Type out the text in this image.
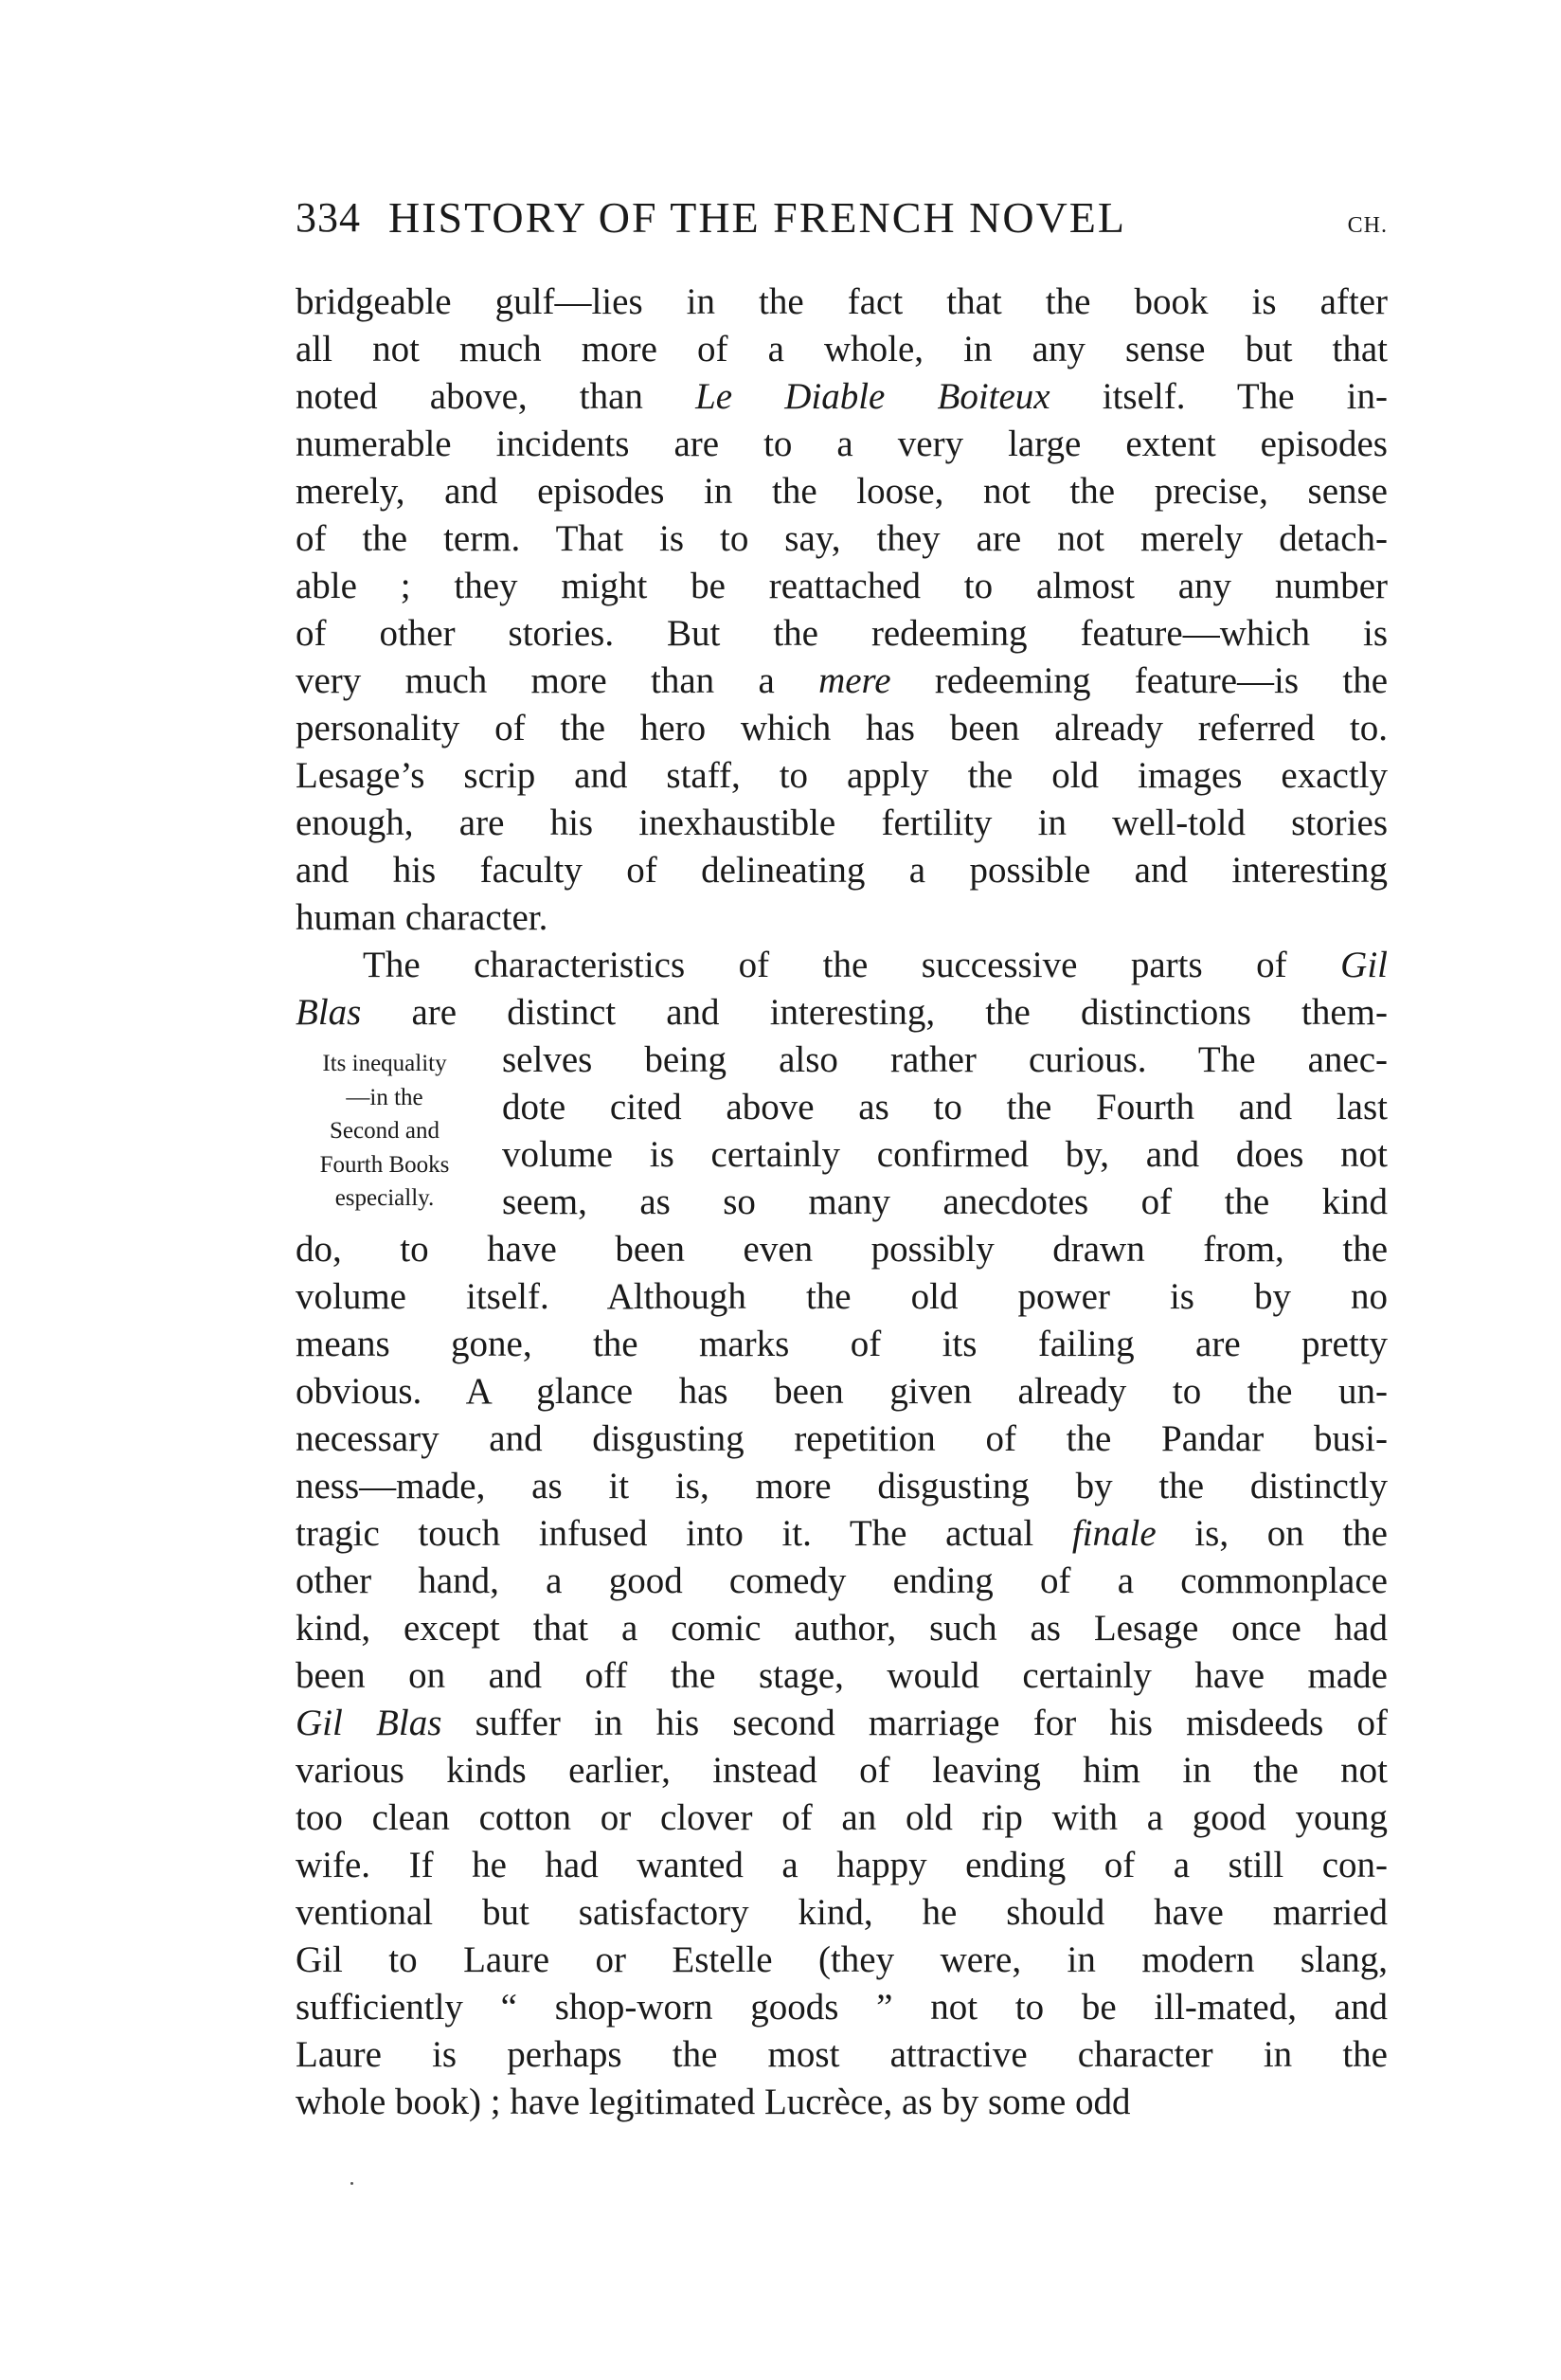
334 HISTORY OF THE FRENCH NOVEL	CH.
Its inequality
—in the
Second and
Fourth Books
especially.
bridgeable gulf—lies in the fact that the book is after
all not much more of a whole, in any sense but that
noted above, than Le Diable Boiteux itself. The in-
numerable incidents are to a very large extent episodes
merely, and episodes in the loose, not the precise, sense
of the term. That is to say, they are not merely detach-
able ; they might be reattached to almost any number
of other stories. But the redeeming feature—which is
very much more than a mere redeeming feature—is the
personality of the hero which has been already referred to.
Lesage’s scrip and staff, to apply the old images exactly
enough, are his inexhaustible fertility in well-told stories
and his faculty of delineating a possible and interesting
human character.
The characteristics of the successive parts of Gil
Blas are distinct and interesting, the distinctions them-
selves being also rather curious. The anec-
dote cited above as to the Fourth and last
volume is certainly confirmed by, and does not
seem, as so many anecdotes of the kind
do, to have been even possibly drawn from, the
volume itself. Although the old power is by no
means gone, the marks of its failing are pretty
obvious. A glance has been given already to the un-
necessary and disgusting repetition of the Pandar busi-
ness—made, as it is, more disgusting by the distinctly
tragic touch infused into it. The actual finale is, on the
other hand, a good comedy ending of a commonplace
kind, except that a comic author, such as Lesage once had
been on and off the stage, would certainly have made
Gil Blas suffer in his second marriage for his misdeeds of
various kinds earlier, instead of leaving him in the not
too clean cotton or clover of an old rip with a good young
wife. If he had wanted a happy ending of a still con-
ventional but satisfactory kind, he should have married
Gil to Laure or Estelle (they were, in modern slang,
sufficiently “ shop-worn goods ” not to be ill-mated, and
Laure is perhaps the most attractive character in the
whole book) ; have legitimated Lucrèce, as by some odd
